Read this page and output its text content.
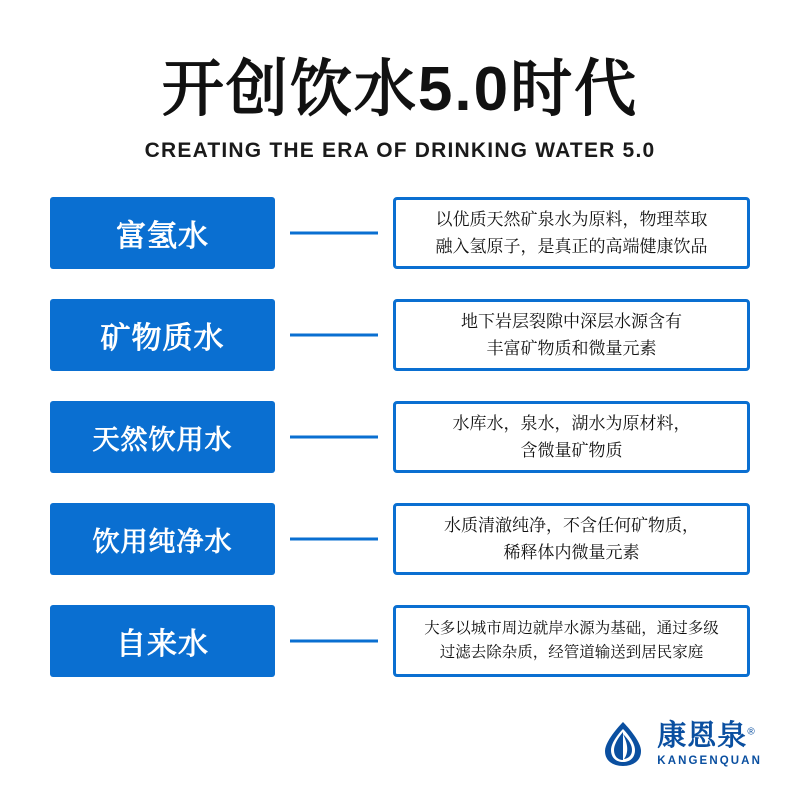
开创饮水5.0时代
CREATING THE ERA OF DRINKING WATER 5.0
富氢水
以优质天然矿泉水为原料，物理萃取
融入氢原子，是真正的高端健康饮品
矿物质水
地下岩层裂隙中深层水源含有
丰富矿物质和微量元素
天然饮用水
水库水，泉水，湖水为原材料，
含微量矿物质
饮用纯净水
水质清澈纯净，不含任何矿物质，
稀释体内微量元素
自来水
大多以城市周边就岸水源为基础，通过多级
过滤去除杂质，经管道输送到居民家庭
康恩泉®
KANGENQUAN
